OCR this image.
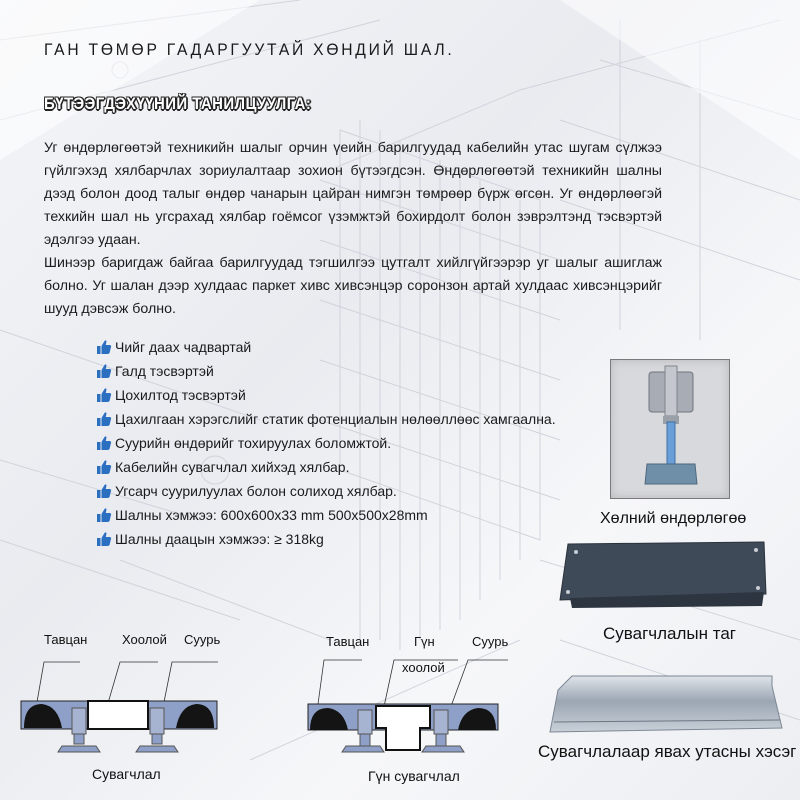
ГАН ТӨМӨР ГАДАРГУУТАЙ ХӨНДИЙ ШАЛ.
БҮТЭЭГДЭХҮҮНИЙ ТАНИЛЦУУЛГА:

Уг өндөрлөгөөтэй техникийн шалыг орчин үеийн барилгуудад кабелийн утас шугам сүлжээ гүйлгэхэд хялбарчлах зориулалтаар зохион бүтээгдсэн. Өндөрлөгөөтэй техникийн шалны дээд болон доод талыг өндөр чанарын цайран нимгэн төмрөөр бүрж өгсөн. Уг өндөрлөөгэй техкийн шал нь угсрахад хялбар гоёмсог үзэмжтэй бохирдолт болон зэврэлтэнд тэсвэртэй эдэлгээ удаан.

Шинээр баригдаж байгаа барилгуудад тэгшилгээ цутгалт хийлгүйгээрэр уг шалыг ашиглаж болно. Уг шалан дээр хулдаас паркет хивс хивсэнцэр соронзон артай хулдаас хивсэнцэрийг шууд дэвсэж болно.

Чийг даах чадвартай
Галд тэсвэртэй
Цохилтод тэсвэртэй
Цахилгаан хэрэгслийг статик фотенциалын нөлөөллөөс хамгаална.
Суурийн өндөрийг тохируулах боломжтой.
Кабелийн сувагчлал хийхэд хялбар.
Угсарч суурилуулах болон солиход хялбар.
Шалны хэмжээ: 600x600x33 mm 500x500x28mm
Шалны даацын хэмжээ: ≥ 318kg
Хөлний өндөрлөгөө
Сувагчлалын таг
Сувагчлалаар явах утасны хэсэг
Тавцан	Хоолой Суурь
Сувагчлал
Тавцан	Гүн
хоолой
Суурь
Гүн сувагчлал
